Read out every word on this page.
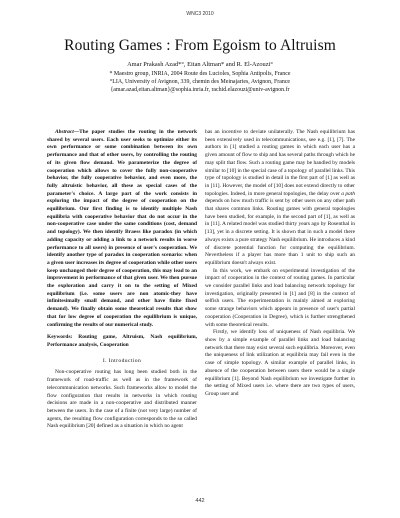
WNC3 2010
Routing Games : From Egoism to Altruism
Amar Prakash Azad*°, Eitan Altman* and R. El-Azouzi°
* Maestro group, INRIA, 2004 Route des Lucioles, Sophia Antipolis, France
°LIA, University of Avignon, 339, chemin des Meinajaries, Avignon, France
{amar.azad,eitan.altman}@sophia.inria.fr, rachid.elazouzi@univ-avignon.fr

Abstract—The paper studies the routing in the network shared by several users. Each user seeks to optimize either its own performance or some combination between its own performance and that of other users, by controlling the routing of its given flow demand. We parameterize the degree of cooperation which allows to cover the fully non-cooperative behavior, the fully cooperative behavior, and even more, the fully altruistic behavior, all these as special cases of the parameter's choice. A large part of the work consists in exploring the impact of the degree of cooperation on the equilibrium. Our first finding is to identify multiple Nash equilibria with cooperative behavior that do not occur in the non-cooperative case under the same conditions (cost, demand and topology). We then identify Braess like paradox (in which adding capacity or adding a link to a network results in worse performance to all users) in presence of user's cooperation. We identify another type of paradox in cooperation scenario: when a given user increases its degree of cooperation while other users keep unchanged their degree of cooperation, this may lead to an improvement in performance of that given user. We then pursue the exploration and carry it on to the setting of Mixed equilibrium (i.e. some users are non atomic-they have infinitesimally small demand, and other have finite fixed demand). We finally obtain some theoretical results that show that for low degree of cooperation the equilibrium is unique, confirming the results of our numerical study.

Keywords: Routing game, Altruism, Nash equilibrium, Performance analysis, Cooperation

I. Introduction

Non-cooperative routing has long been studied both in the framework of road-traffic as well as in the framework of telecommunication networks. Such frameworks allow to model the flow configuration that results in networks in which routing decisions are made in a non-cooperative and distributed manner between the users. In the case of a finite (not very large) number of agents, the resulting flow configuration corresponds to the so called Nash equilibrium [20] defined as a situation in which no agent

has an incentive to deviate unilaterally. The Nash equilibrium has been extensively used in telecommunications, see e.g. [1], [7]. The authors in [1] studied a routing games in which each user has a given amount of flow to ship and has several paths through which he may split that flow. Such a routing game may be handled by models similar to [10] in the special case of a topology of parallel links. This type of topology is studied in detail in the first part of [1] as well as in [11]. However, the model of [10] does not extend directly to other topologies. Indeed, in more general topologies, the delay over a path depends on how much traffic is sent by other users on any other path that shares common links. Routing games with general topologies have been studied, for example, in the second part of [1], as well as in [11]. A related model was studied thirty years ago by Rosenthal in [13], yet in a discrete setting. It is shown that in such a model there always exists a pure strategy Nash equilibrium. He introduces a kind of discrete potential function for computing the equilibrium. Nevertheless if a player has more than 1 unit to ship such an equilibrium doesn't always exist.

In this work, we embark on experimental investigation of the impact of cooperation in the context of routing games. In particular we consider parallel links and load balancing network topology for investigation, originally presented in [1] and [8] in the context of selfish users. The experimentation is mainly aimed at exploring some strange behaviors which appears in presence of user's partial cooperation (Cooperation in Degree), which is further strengthened with some theoretical results.

Firstly, we identify loss of uniqueness of Nash equilibria. We show by a simple example of parallel links and load balancing network that there may exist several such equilibria. Moreover, even the uniqueness of link utilization at equilibria may fail even in the case of simple topology. A similar example of parallel links, in absence of the cooperation between users there would be a single equilibrium [1]. Beyond Nash equilibrium we investigate further in the setting of Mixed users i.e. where there are two types of users, Group user and

442
